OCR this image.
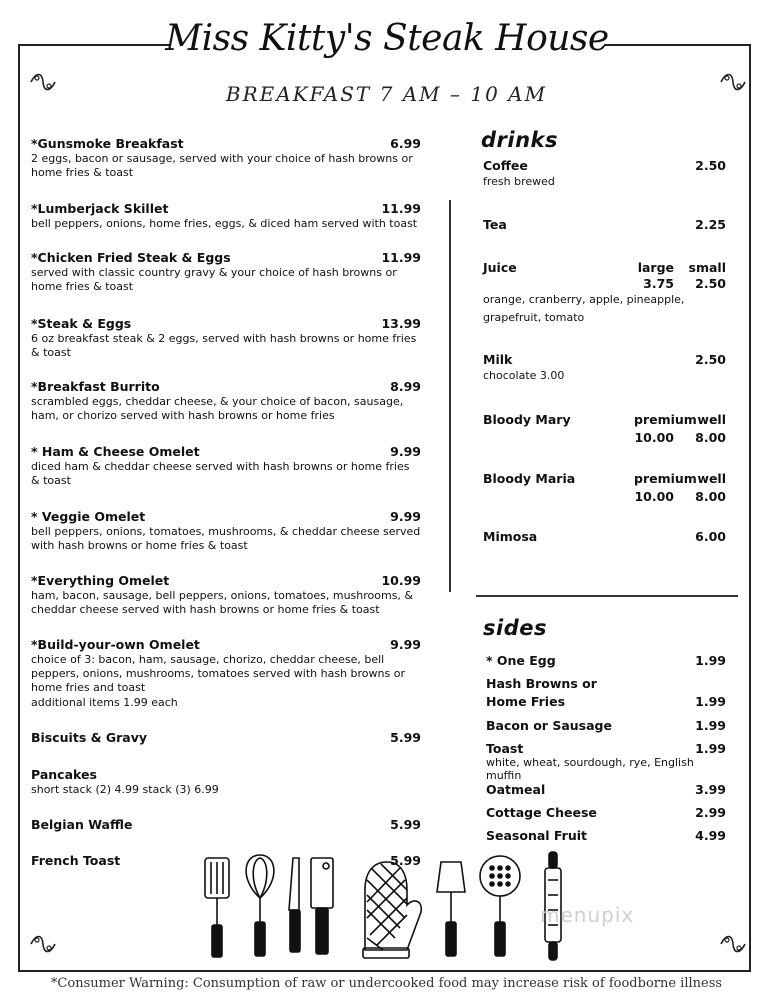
Miss Kitty's Steak House
BREAKFAST 7 AM – 10 AM
*Gunsmoke Breakfast	6.99
2 eggs, bacon or sausage, served with your choice of hash browns or home fries & toast
*Lumberjack Skillet	11.99
bell peppers, onions, home fries, eggs, & diced ham served with toast
*Chicken Fried Steak & Eggs	11.99
served with classic country gravy & your choice of hash browns or home fries & toast
*Steak & Eggs	13.99
6 oz breakfast steak & 2 eggs, served with hash browns or home fries & toast
*Breakfast Burrito	8.99
scrambled eggs, cheddar cheese, & your choice of bacon, sausage, ham, or chorizo served with hash browns or home fries
* Ham & Cheese Omelet	9.99
diced ham & cheddar cheese served with hash browns or home fries & toast
* Veggie Omelet	9.99
bell peppers, onions, tomatoes, mushrooms, & cheddar cheese served with hash browns or home fries & toast
*Everything Omelet	10.99
ham, bacon, sausage, bell peppers, onions, tomatoes, mushrooms, & cheddar cheese served with hash browns or home fries & toast
*Build-your-own Omelet	9.99
choice of 3: bacon, ham, sausage, chorizo, cheddar cheese, bell peppers, onions, mushrooms, tomatoes served with hash browns or home fries and toast
additional items 1.99 each
Biscuits & Gravy	5.99
Pancakes
short stack (2) 4.99 stack (3) 6.99
Belgian Waffle	5.99
French Toast	5.99
drinks
Coffee	2.50
fresh brewed
Tea	2.25
Juice	large	small
3.75	2.50
orange, cranberry, apple, pineapple, grapefruit, tomato
Milk	2.50
chocolate 3.00
Bloody Mary	premium well
10.00	8.00
Bloody Maria	premium well
10.00	8.00
Mimosa	6.00
sides
* One Egg	1.99
Hash Browns or
Home Fries	1.99
Bacon or Sausage	1.99
Toast	1.99
white, wheat, sourdough, rye, English muffin
Oatmeal	3.99
Cottage Cheese	2.99
Seasonal Fruit	4.99
menupix
*Consumer Warning: Consumption of raw or undercooked food may increase risk of foodborne illness
